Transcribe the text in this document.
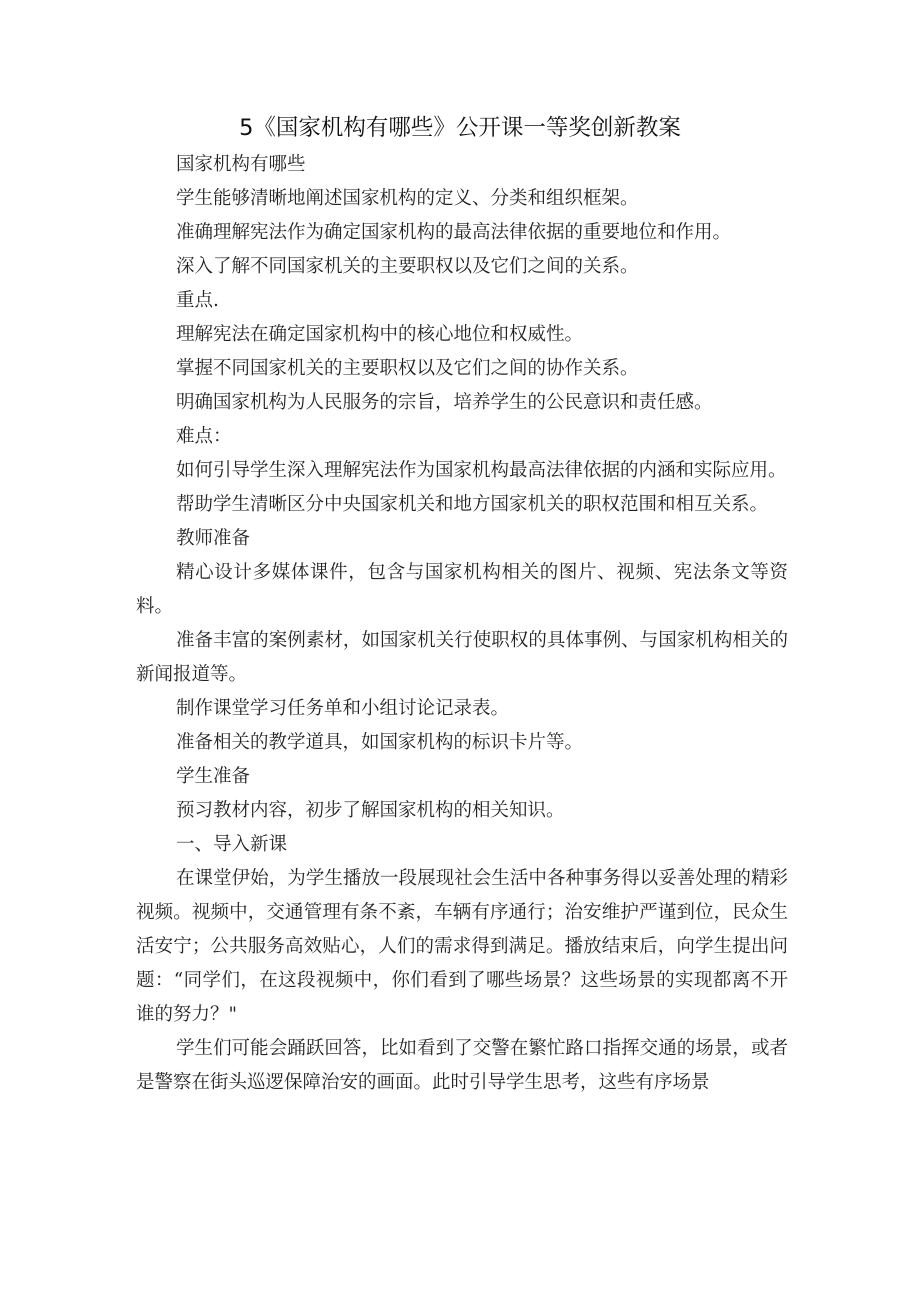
5《国家机构有哪些》公开课一等奖创新教案

国家机构有哪些

学生能够清晰地阐述国家机构的定义、分类和组织框架。

准确理解宪法作为确定国家机构的最高法律依据的重要地位和作用。

深入了解不同国家机关的主要职权以及它们之间的关系。

重点.

理解宪法在确定国家机构中的核心地位和权威性。

掌握不同国家机关的主要职权以及它们之间的协作关系。

明确国家机构为人民服务的宗旨，培养学生的公民意识和责任感。

难点：

如何引导学生深入理解宪法作为国家机构最高法律依据的内涵和实际应用。

帮助学生清晰区分中央国家机关和地方国家机关的职权范围和相互关系。

教师准备

精心设计多媒体课件，包含与国家机构相关的图片、视频、宪法条文等资料。

准备丰富的案例素材，如国家机关行使职权的具体事例、与国家机构相关的新闻报道等。

制作课堂学习任务单和小组讨论记录表。

准备相关的教学道具，如国家机构的标识卡片等。

学生准备

预习教材内容，初步了解国家机构的相关知识。

一、导入新课

在课堂伊始，为学生播放一段展现社会生活中各种事务得以妥善处理的精彩视频。视频中，交通管理有条不紊，车辆有序通行；治安维护严谨到位，民众生活安宁；公共服务高效贴心，人们的需求得到满足。播放结束后，向学生提出问题：“同学们，在这段视频中，你们看到了哪些场景？这些场景的实现都离不开谁的努力？"

学生们可能会踊跃回答，比如看到了交警在繁忙路口指挥交通的场景，或者是警察在街头巡逻保障治安的画面。此时引导学生思考，这些有序场景
